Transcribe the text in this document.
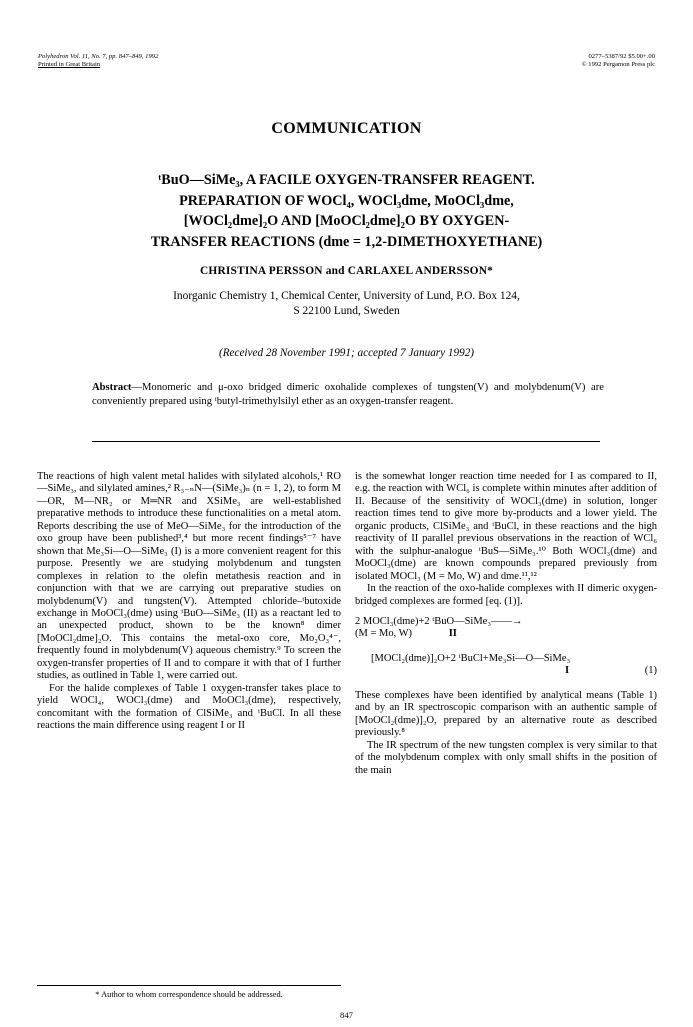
Polyhedron Vol. 11, No. 7, pp. 847–849, 1992
Printed in Great Britain
0277–5387/92 $5.00+.00
© 1992 Pergamon Press plc
COMMUNICATION
ᵗBuO—SiMe₃, A FACILE OXYGEN-TRANSFER REAGENT.
PREPARATION OF WOCl₄, WOCl₃dme, MoOCl₃dme,
[WOCl₂dme]₂O AND [MoOCl₂dme]₂O BY OXYGEN-
TRANSFER REACTIONS (dme = 1,2-DIMETHOXYETHANE)
CHRISTINA PERSSON and CARLAXEL ANDERSSON*
Inorganic Chemistry 1, Chemical Center, University of Lund, P.O. Box 124,
S 22100 Lund, Sweden
(Received 28 November 1991; accepted 7 January 1992)
Abstract—Monomeric and μ-oxo bridged dimeric oxohalide complexes of tungsten(V) and molybdenum(V) are conveniently prepared using ᵗbutyl-trimethylsilyl ether as an oxygen-transfer reagent.

The reactions of high valent metal halides with silylated alcohols,¹ RO—SiMe₃, and silylated amines,² R₃₋ₙN—(SiMe₃)ₙ (n = 1, 2), to form M—OR, M—NR₂ or M═NR and XSiMe₃ are well-established preparative methods to introduce these functionalities on a metal atom. Reports describing the use of MeO—SiMe₃ for the introduction of the oxo group have been published³,⁴ but more recent findings⁵⁻⁷ have shown that Me₃Si—O—SiMe₃ (I) is a more convenient reagent for this purpose. Presently we are studying molybdenum and tungsten complexes in relation to the olefin metathesis reaction and in conjunction with that we are carrying out preparative studies on molybdenum(V) and tungsten(V). Attempted chloride–ᵗbutoxide exchange in MoOCl₃(dme) using ᵗBuO—SiMe₃ (II) as a reactant led to an unexpected product, shown to be the known⁸ dimer [MoOCl₂dme]₂O. This contains the metal-oxo core, Mo₂O₃⁴⁻, frequently found in molybdenum(V) aqueous chemistry.⁹ To screen the oxygen-transfer properties of II and to compare it with that of I further studies, as outlined in Table 1, were carried out.

For the halide complexes of Table 1 oxygen-transfer takes place to yield WOCl₄, WOCl₃(dme) and MoOCl₃(dme), respectively, concomitant with the formation of ClSiMe₃ and ᵗBuCl. In all these reactions the main difference using reagent I or II

is the somewhat longer reaction time needed for I as compared to II, e.g. the reaction with WCl₆ is complete within minutes after addition of II. Because of the sensitivity of WOCl₃(dme) in solution, longer reaction times tend to give more by-products and a lower yield. The organic products, ClSiMe₃ and ᵗBuCl, in these reactions and the high reactivity of II parallel previous observations in the reaction of WCl₆ with the sulphur-analogue ᵗBuS—SiMe₃.¹⁰ Both WOCl₃(dme) and MoOCl₃(dme) are known compounds prepared previously from isolated MOCl₃ (M = Mo, W) and dme.¹¹,¹²

In the reaction of the oxo-halide complexes with II dimeric oxygen-bridged complexes are formed [eq. (1)].

2 MOCl₃(dme)+2 ᵗBuO—SiMe₃——→
(M = Mo, W)	II
[MOCl₂(dme)]₂O+2 ᵗBuCl+Me₃Si—O—SiMe₃
I	(1)

These complexes have been identified by analytical means (Table 1) and by an IR spectroscopic comparison with an authentic sample of [MoOCl₂(dme)]₂O, prepared by an alternative route as described previously.⁸

The IR spectrum of the new tungsten complex is very similar to that of the molybdenum complex with only small shifts in the position of the main

* Author to whom correspondence should be addressed.
847
